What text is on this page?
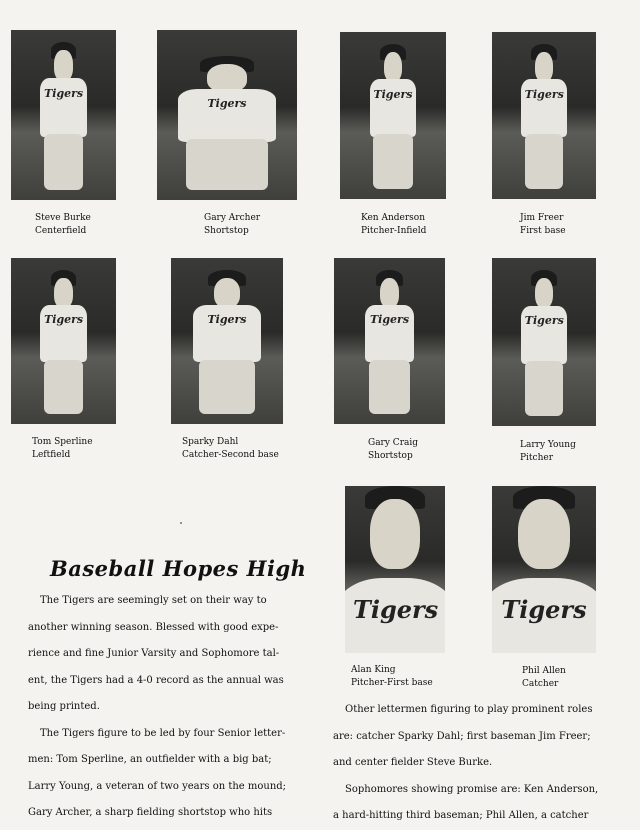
Tigers
Tigers
Tigers	Tigers
Steve Burke
Centerfield
Gary Archer
Shortstop
Ken Anderson
Pitcher-Infield
Jim Freer
First base
Tigers	Tigers	Tigers	Tigers
Tom Sperline
Leftfield
Sparky Dahl
Catcher-Second base
Gary Craig
Shortstop
Larry Young
Pitcher
Tigers	Tigers
Alan King
Pitcher-First base
Phil Allen
Catcher
Baseball Hopes High

The Tigers are seemingly set on their way to

another winning season. Blessed with good expe-

rience and fine Junior Varsity and Sophomore tal-

ent, the Tigers had a 4-0 record as the annual was

being printed.

The Tigers figure to be led by four Senior letter-

men: Tom Sperline, an outfielder with a big bat;

Larry Young, a veteran of two years on the mound;

Gary Archer, a sharp fielding shortstop who hits

Other lettermen figuring to play prominent roles

are: catcher Sparky Dahl; first baseman Jim Freer;

and center fielder Steve Burke.

Sophomores showing promise are: Ken Anderson,

a hard-hitting third baseman; Phil Allen, a catcher
